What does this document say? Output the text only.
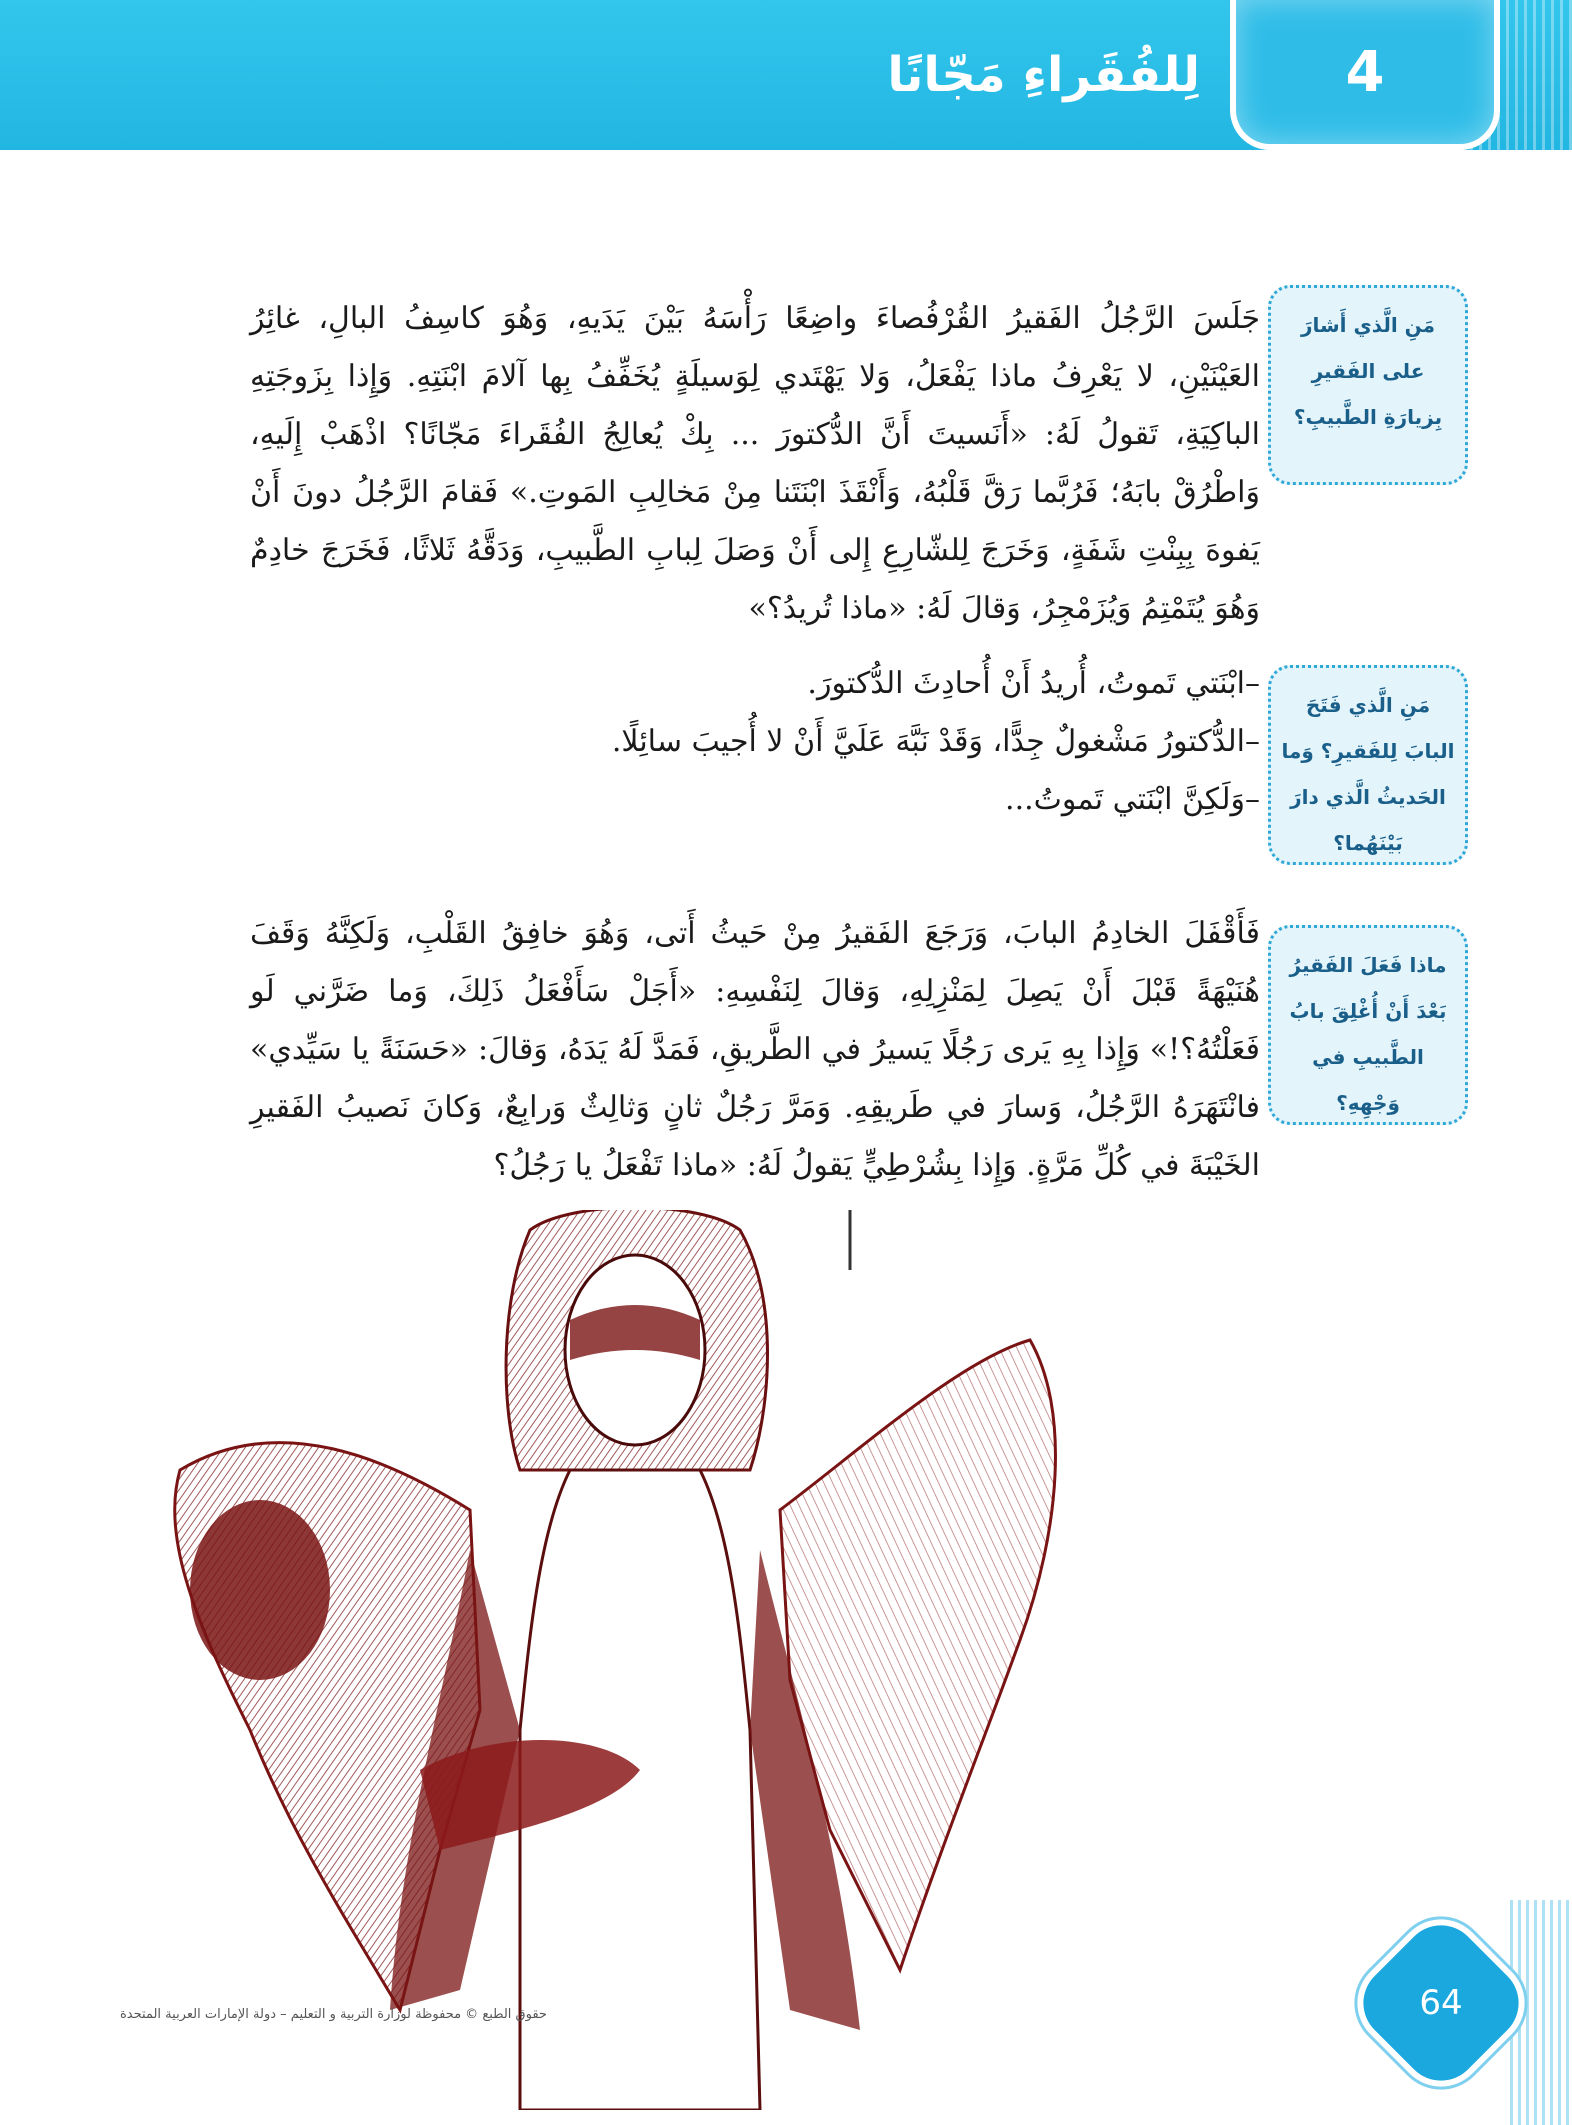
لِلفُقَراءِ مَجّانًا	4
مَنِ الَّذي أَشارَ على الفَقيرِ بِزيارَةِ الطَّبيبِ؟
مَنِ الَّذي فَتَحَ البابَ لِلفَقيرِ؟ وَما الحَديثُ الَّذي دارَ بَيْنَهُما؟
ماذا فَعَلَ الفَقيرُ بَعْدَ أَنْ أُغْلِقَ بابُ الطَّبيبِ في وَجْهِهِ؟

جَلَسَ الرَّجُلُ الفَقيرُ القُرْفُصاءَ واضِعًا رَأْسَهُ بَيْنَ يَدَيهِ، وَهُوَ كاسِفُ البالِ، غائِرُ العَيْنَيْنِ، لا يَعْرِفُ ماذا يَفْعَلُ، وَلا يَهْتَدي لِوَسيلَةٍ يُخَفِّفُ بِها آلامَ ابْنَتِهِ. وَإِذا بِزَوجَتِهِ الباكِيَةِ، تَقولُ لَهُ: «أَنَسيتَ أَنَّ الدُّكتورَ ... بِكْ يُعالِجُ الفُقَراءَ مَجّانًا؟ اذْهَبْ إِلَيهِ، وَاطْرُقْ بابَهُ؛ فَرُبَّما رَقَّ قَلْبُهُ، وَأَنْقَذَ ابْنَتَنا مِنْ مَخالِبِ المَوتِ.» فَقامَ الرَّجُلُ دونَ أَنْ يَفوهَ بِبِنْتِ شَفَةٍ، وَخَرَجَ لِلشّارِعِ إِلى أَنْ وَصَلَ لِبابِ الطَّبيبِ، وَدَقَّهُ ثَلاثًا، فَخَرَجَ خادِمٌ وَهُوَ يُتَمْتِمُ وَيُزَمْجِرُ، وَقالَ لَهُ: «ماذا تُريدُ؟»

–ابْنَتي تَموتُ، أُريدُ أَنْ أُحادِثَ الدُّكتورَ.

–الدُّكتورُ مَشْغولٌ جِدًّا، وَقَدْ نَبَّهَ عَلَيَّ أَنْ لا أُجيبَ سائِلًا.

–وَلَكِنَّ ابْنَتي تَموتُ...

فَأَقْفَلَ الخادِمُ البابَ، وَرَجَعَ الفَقيرُ مِنْ حَيثُ أَتى، وَهُوَ خافِقُ القَلْبِ، وَلَكِنَّهُ وَقَفَ هُنَيْهَةً قَبْلَ أَنْ يَصِلَ لِمَنْزِلِهِ، وَقالَ لِنَفْسِهِ: «أَجَلْ سَأَفْعَلُ ذَلِكَ، وَما ضَرَّني لَو فَعَلْتُهُ؟!» وَإِذا بِهِ يَرى رَجُلًا يَسيرُ في الطَّريقِ، فَمَدَّ لَهُ يَدَهُ، وَقالَ: «حَسَنَةً يا سَيِّدي» فانْتَهَرَهُ الرَّجُلُ، وَسارَ في طَريقِهِ. وَمَرَّ رَجُلٌ ثانٍ وَثالِثٌ وَرابِعٌ، وَكانَ نَصيبُ الفَقيرِ الخَيْبَةَ في كُلِّ مَرَّةٍ. وَإِذا بِشُرْطِيٍّ يَقولُ لَهُ: «ماذا تَفْعَلُ يا رَجُلُ؟

حقوق الطبع © محفوظة لوزارة التربية و التعليم – دولة الإمارات العربية المتحدة	64
